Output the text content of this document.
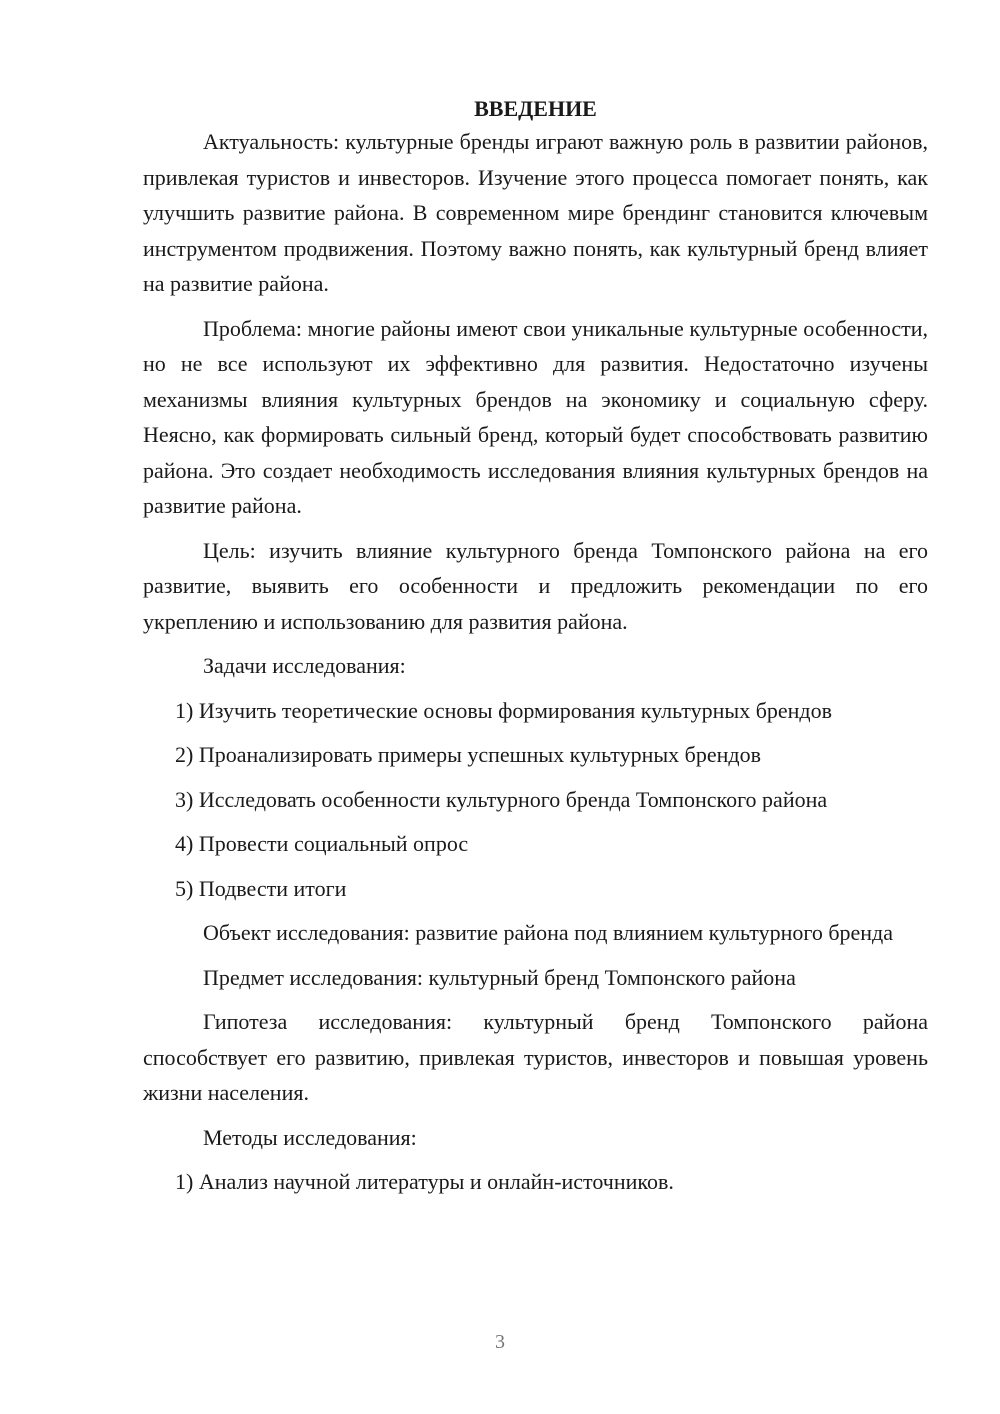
ВВЕДЕНИЕ

Актуальность: культурные бренды играют важную роль в развитии районов, привлекая туристов и инвесторов. Изучение этого процесса помогает понять, как улучшить развитие района. В современном мире брендинг становится ключевым инструментом продвижения. Поэтому важно понять, как культурный бренд влияет на развитие района.

Проблема: многие районы имеют свои уникальные культурные особенности, но не все используют их эффективно для развития. Недостаточно изучены механизмы влияния культурных брендов на экономику и социальную сферу. Неясно, как формировать сильный бренд, который будет способствовать развитию района. Это создает необходимость исследования влияния культурных брендов на развитие района.

Цель: изучить влияние культурного бренда Томпонского района на его развитие, выявить его особенности и предложить рекомендации по его укреплению и использованию для развития района.

Задачи исследования:

1) Изучить теоретические основы формирования культурных брендов

2) Проанализировать примеры успешных культурных брендов

3) Исследовать особенности культурного бренда Томпонского района

4) Провести социальный опрос

5) Подвести итоги

Объект исследования: развитие района под влиянием культурного бренда

Предмет исследования: культурный бренд Томпонского района

Гипотеза исследования: культурный бренд Томпонского района способствует его развитию, привлекая туристов, инвесторов и повышая уровень жизни населения.

Методы исследования:

1) Анализ научной литературы и онлайн-источников.

3
